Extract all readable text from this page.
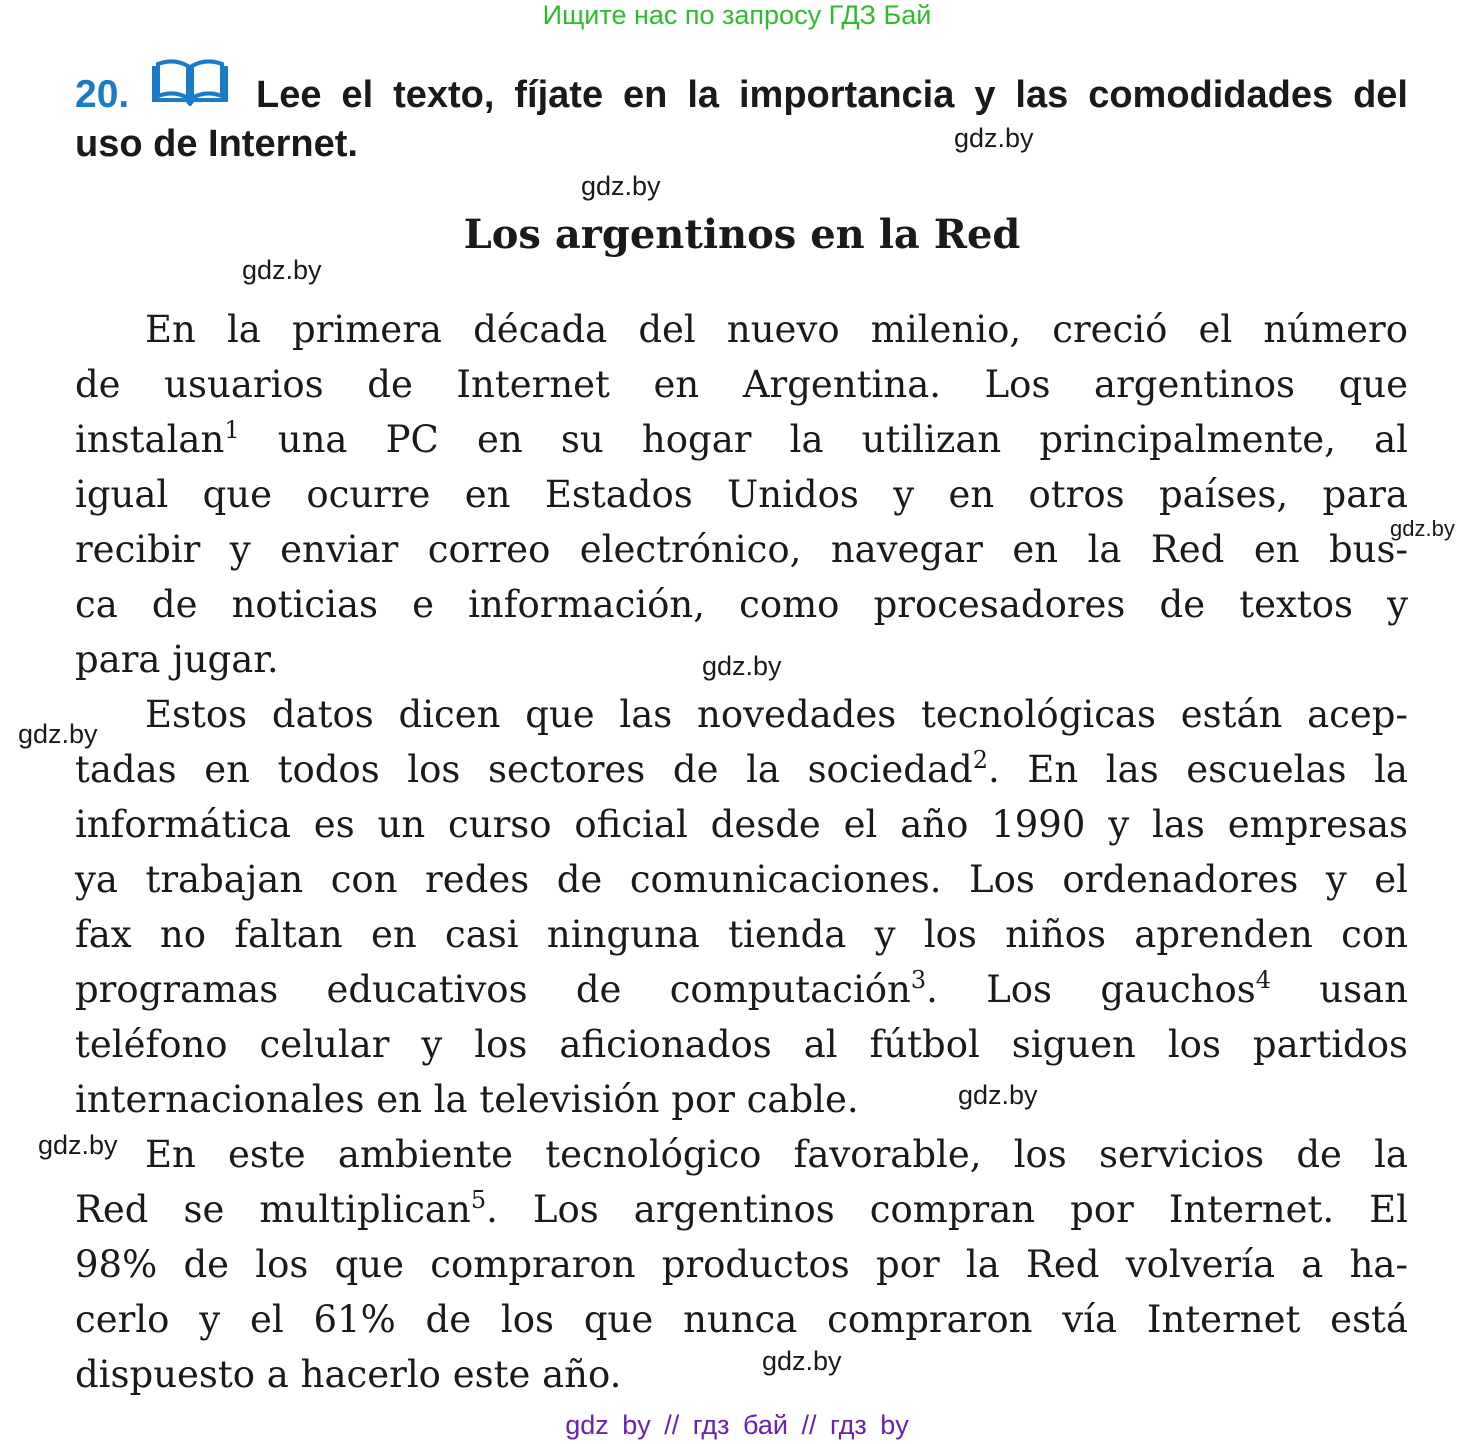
Ищите нас по запросу ГДЗ Бай
20.	Lee el texto, fíjate en la importancia y las comodidades del
uso de Internet.
Los argentinos en la Red
En la primera década del nuevo milenio, creció el número
de usuarios de Internet en Argentina. Los argentinos que
instalan$^1$ una PC en su hogar la utilizan principalmente, al
igual que ocurre en Estados Unidos y en otros países, para
recibir y enviar correo electrónico, navegar en la Red en bus-
ca de noticias e información, como procesadores de textos y
para jugar.
Estos datos dicen que las novedades tecnológicas están acep-
tadas en todos los sectores de la sociedad$^2$. En las escuelas la
informática es un curso oficial desde el año 1990 y las empresas
ya trabajan con redes de comunicaciones. Los ordenadores y el
fax no faltan en casi ninguna tienda y los niños aprenden con
programas educativos de computación$^3$. Los gauchos$^4$ usan
teléfono celular y los aficionados al fútbol siguen los partidos
internacionales en la televisión por cable.
En este ambiente tecnológico favorable, los servicios de la
Red se multiplican$^5$. Los argentinos compran por Internet. El
98% de los que compraron productos por la Red volvería a ha-
cerlo y el 61% de los que nunca compraron vía Internet está
dispuesto a hacerlo este año.
gdz.by
gdz.by
gdz.by
gdz.by
gdz.by
gdz.by
gdz.by
gdz.by
gdz.by
gdz by // гдз бай // гдз by
